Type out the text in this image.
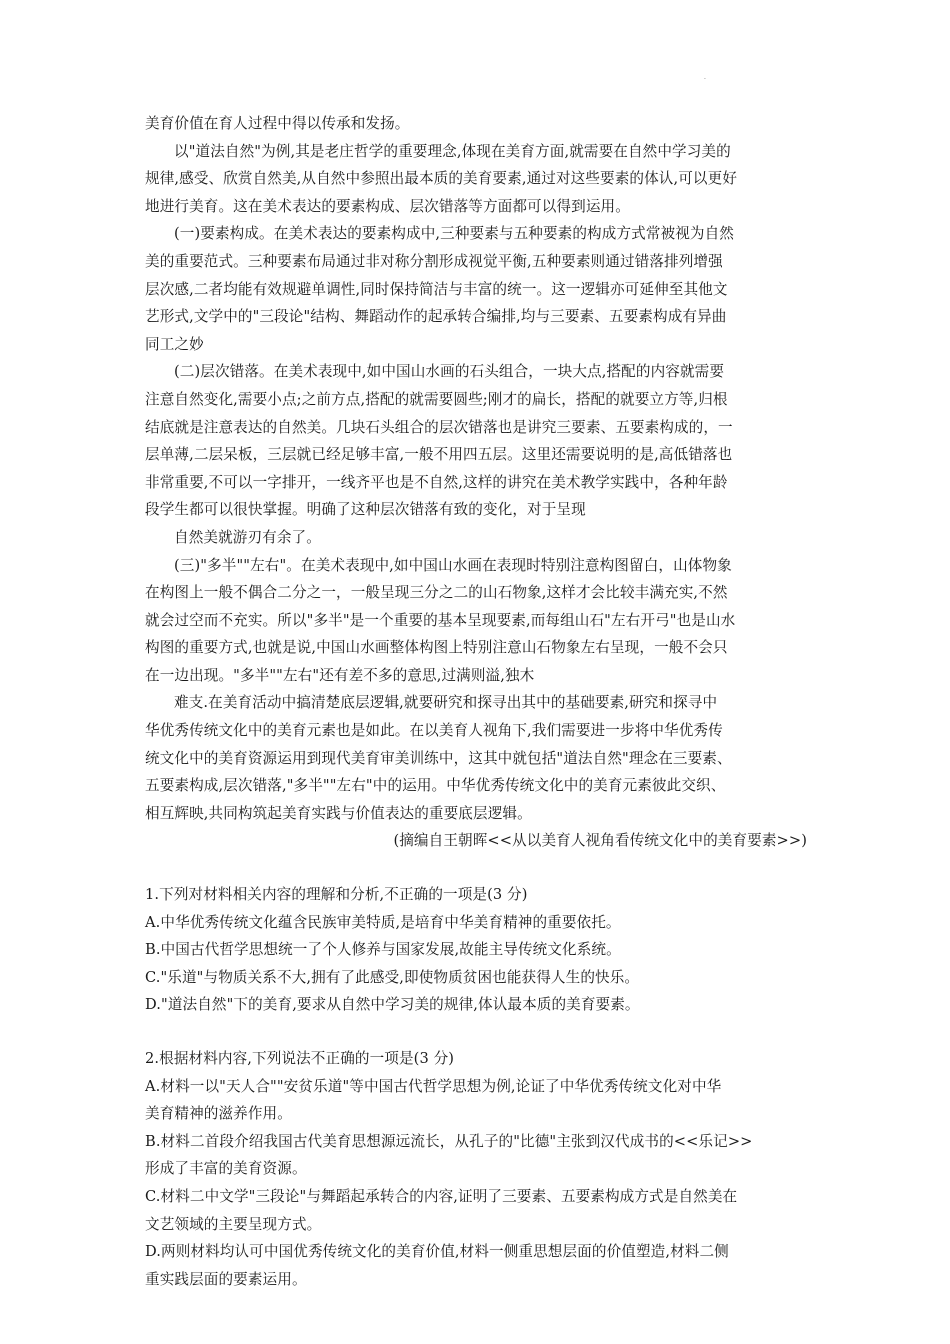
.
美育价值在育人过程中得以传承和发扬。
以"道法自然"为例,其是老庄哲学的重要理念,体现在美育方面,就需要在自然中学习美的
规律,感受、欣赏自然美,从自然中参照出最本质的美育要素,通过对这些要素的体认,可以更好
地进行美育。这在美术表达的要素构成、层次错落等方面都可以得到运用。
(一)要素构成。在美术表达的要素构成中,三种要素与五种要素的构成方式常被视为自然
美的重要范式。三种要素布局通过非对称分割形成视觉平衡,五种要素则通过错落排列增强
层次感,二者均能有效规避单调性,同时保持简洁与丰富的统一。这一逻辑亦可延伸至其他文
艺形式,文学中的"三段论"结构、舞蹈动作的起承转合编排,均与三要素、五要素构成有异曲
同工之妙
(二)层次错落。在美术表现中,如中国山水画的石头组合，一块大点,搭配的内容就需要
注意自然变化,需要小点;之前方点,搭配的就需要圆些;刚才的扁长，搭配的就要立方等,归根
结底就是注意表达的自然美。几块石头组合的层次错落也是讲究三要素、五要素构成的，一
层单薄,二层呆板，三层就已经足够丰富,一般不用四五层。这里还需要说明的是,高低错落也
非常重要,不可以一字排开，一线齐平也是不自然,这样的讲究在美术教学实践中，各种年龄
段学生都可以很快掌握。明确了这种层次错落有致的变化，对于呈现
自然美就游刃有余了。
(三)"多半""左右"。在美术表现中,如中国山水画在表现时特别注意构图留白，山体物象
在构图上一般不偶合二分之一，一般呈现三分之二的山石物象,这样才会比较丰满充实,不然
就会过空而不充实。所以"多半"是一个重要的基本呈现要素,而每组山石"左右开弓"也是山水
构图的重要方式,也就是说,中国山水画整体构图上特别注意山石物象左右呈现，一般不会只
在一边出现。"多半""左右"还有差不多的意思,过满则溢,独木
难支.在美育活动中搞清楚底层逻辑,就要研究和探寻出其中的基础要素,研究和探寻中
华优秀传统文化中的美育元素也是如此。在以美育人视角下,我们需要进一步将中华优秀传
统文化中的美育资源运用到现代美育审美训练中，这其中就包括"道法自然"理念在三要素、
五要素构成,层次错落,"多半""左右"中的运用。中华优秀传统文化中的美育元素彼此交织、
相互辉映,共同构筑起美育实践与价值表达的重要底层逻辑。
(摘编自王朝晖<<从以美育人视角看传统文化中的美育要素>>)
1.下列对材料相关内容的理解和分析,不正确的一项是(3 分)
A.中华优秀传统文化蕴含民族审美特质,是培育中华美育精神的重要依托。
B.中国古代哲学思想统一了个人修养与国家发展,故能主导传统文化系统。
C."乐道"与物质关系不大,拥有了此感受,即使物质贫困也能获得人生的快乐。
D."道法自然"下的美育,要求从自然中学习美的规律,体认最本质的美育要素。
2.根据材料内容,下列说法不正确的一项是(3 分)
A.材料一以"天人合""安贫乐道"等中国古代哲学思想为例,论证了中华优秀传统文化对中华
美育精神的滋养作用。
B.材料二首段介绍我国古代美育思想源远流长，从孔子的"比德"主张到汉代成书的<<乐记>>
形成了丰富的美育资源。
C.材料二中文学"三段论"与舞蹈起承转合的内容,证明了三要素、五要素构成方式是自然美在
文艺领域的主要呈现方式。
D.两则材料均认可中国优秀传统文化的美育价值,材料一侧重思想层面的价值塑造,材料二侧
重实践层面的要素运用。
